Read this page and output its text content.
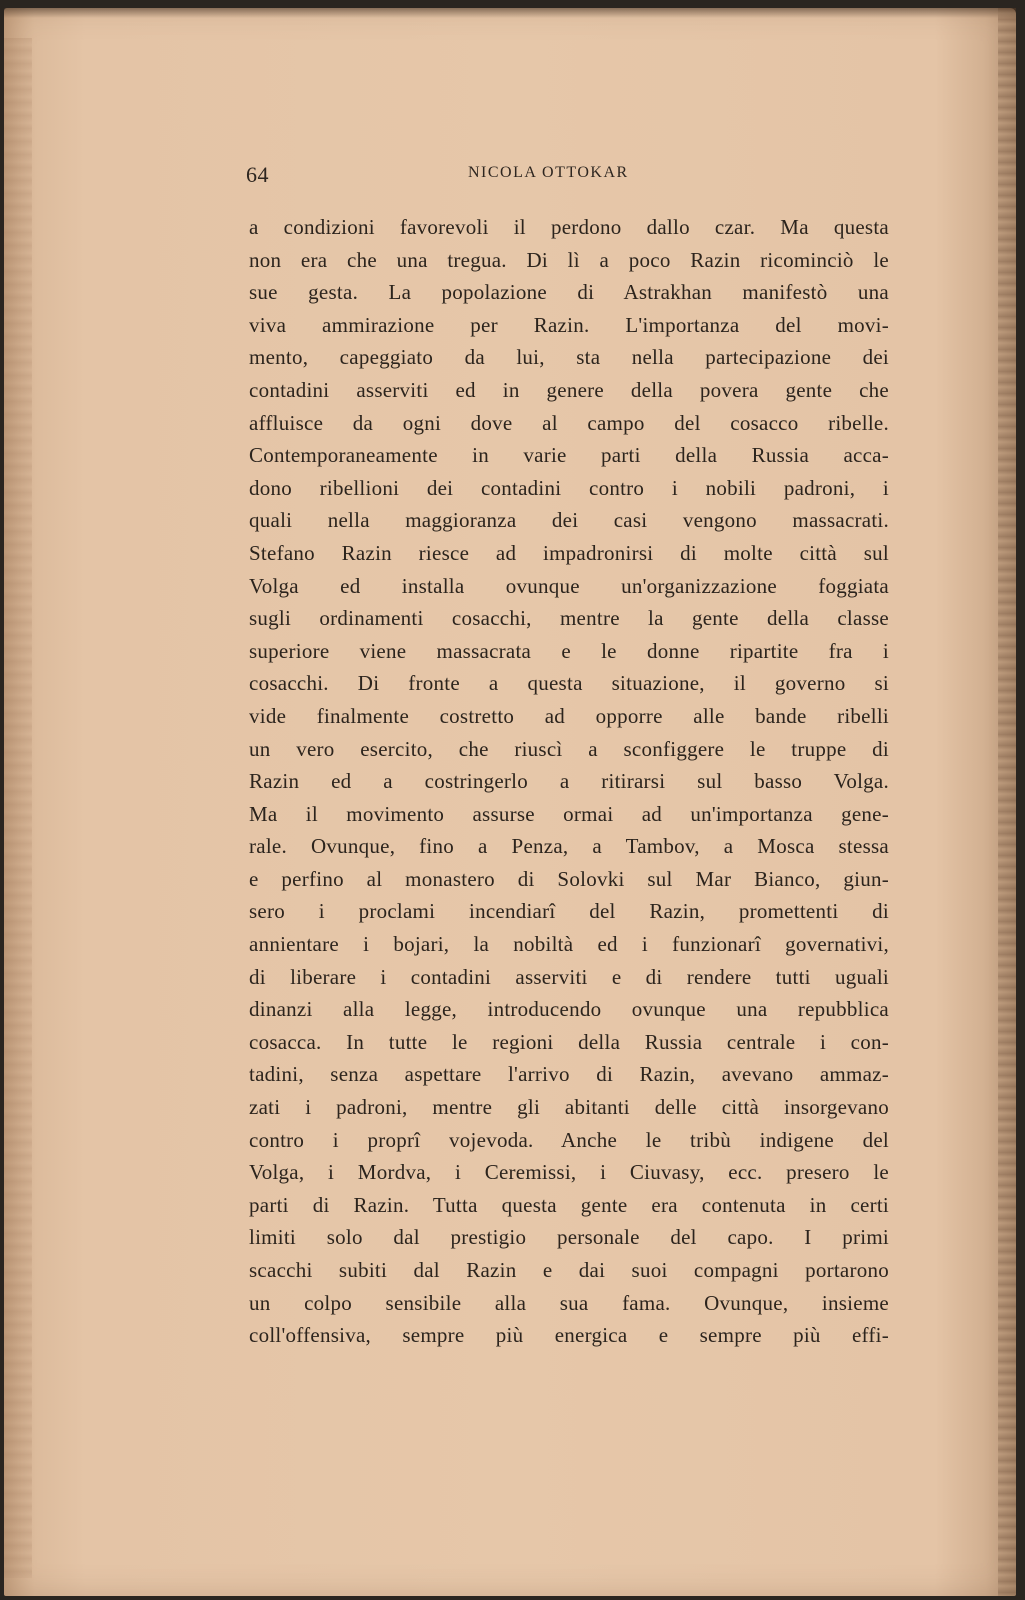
64	NICOLA OTTOKAR
a condizioni favorevoli il perdono dallo czar. Ma questa
non era che una tregua. Di lì a poco Razin ricominciò le
sue gesta. La popolazione di Astrakhan manifestò una
viva ammirazione per Razin. L'importanza del movi-
mento, capeggiato da lui, sta nella partecipazione dei
contadini asserviti ed in genere della povera gente che
affluisce da ogni dove al campo del cosacco ribelle.
Contemporaneamente in varie parti della Russia acca-
dono ribellioni dei contadini contro i nobili padroni, i
quali nella maggioranza dei casi vengono massacrati.
Stefano Razin riesce ad impadronirsi di molte città sul
Volga ed installa ovunque un'organizzazione foggiata
sugli ordinamenti cosacchi, mentre la gente della classe
superiore viene massacrata e le donne ripartite fra i
cosacchi. Di fronte a questa situazione, il governo si
vide finalmente costretto ad opporre alle bande ribelli
un vero esercito, che riuscì a sconfiggere le truppe di
Razin ed a costringerlo a ritirarsi sul basso Volga.
Ma il movimento assurse ormai ad un'importanza gene-
rale. Ovunque, fino a Penza, a Tambov, a Mosca stessa
e perfino al monastero di Solovki sul Mar Bianco, giun-
sero i proclami incendiarî del Razin, promettenti di
annientare i bojari, la nobiltà ed i funzionarî governativi,
di liberare i contadini asserviti e di rendere tutti uguali
dinanzi alla legge, introducendo ovunque una repubblica
cosacca. In tutte le regioni della Russia centrale i con-
tadini, senza aspettare l'arrivo di Razin, avevano ammaz-
zati i padroni, mentre gli abitanti delle città insorgevano
contro i proprî vojevoda. Anche le tribù indigene del
Volga, i Mordva, i Ceremissi, i Ciuvasy, ecc. presero le
parti di Razin. Tutta questa gente era contenuta in certi
limiti solo dal prestigio personale del capo. I primi
scacchi subiti dal Razin e dai suoi compagni portarono
un colpo sensibile alla sua fama. Ovunque, insieme
coll'offensiva, sempre più energica e sempre più effi-
